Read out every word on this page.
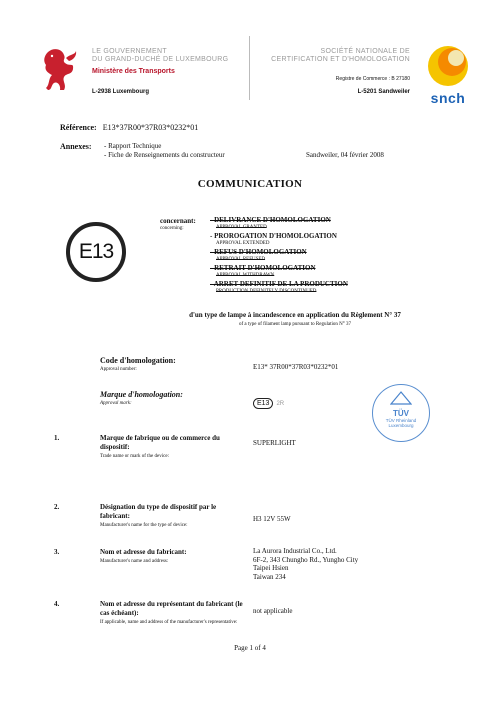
LE GOUVERNEMENT
DU GRAND-DUCHÉ DE LUXEMBOURG
Ministère des Transports
L-2938 Luxembourg
SOCIÉTÉ NATIONALE DE
CERTIFICATION ET D'HOMOLOGATION
Registre de Commerce : B 27180
L-5201 Sandweiler	snch
Référence: E13*37R00*37R03*0232*01
Annexes: - Rapport Technique
- Fiche de Renseignements du constructeur	Sandweiler, 04 février 2008
COMMUNICATION
E13
concernant:
concerning:
- DELIVRANCE D'HOMOLOGATION
APPROVAL GRANTED
- PROROGATION D'HOMOLOGATION
APPROVAL EXTENDED
- REFUS D'HOMOLOGATION
APPROVAL REFUSED
- RETRAIT D'HOMOLOGATION
APPROVAL WITHDRAWN
- ARRET DEFINITIF DE LA PRODUCTION
PRODUCTION DEFINITELY DISCONTINUED
d'un type de lampe à incandescence en application du Règlement N° 37
of a type of filament lamp pursuant to Regulation N° 37
Code d'homologation:
Approval number:	E13* 37R00*37R03*0232*01
Marque d'homologation:
Approval mark:	E13	2R
TÜV
TÜV Rheinland
Luxembourg
1.	Marque de fabrique ou de commerce du dispositif:
Trade name or mark of the device:
SUPERLIGHT
2.	Désignation du type de dispositif par le fabricant:
Manufacturer's name for the type of device:
H3 12V 55W
3.	Nom et adresse du fabricant:
Manufacturer's name and address:
La Aurora Industrial Co., Ltd.
6F-2, 343 Chungho Rd., Yungho City
Taipei Hsien
Taiwan 234
4.	Nom et adresse du représentant du fabricant (le cas échéant):
If applicable, name and address of the manufacturer's representative:
not applicable
Page 1 of 4
